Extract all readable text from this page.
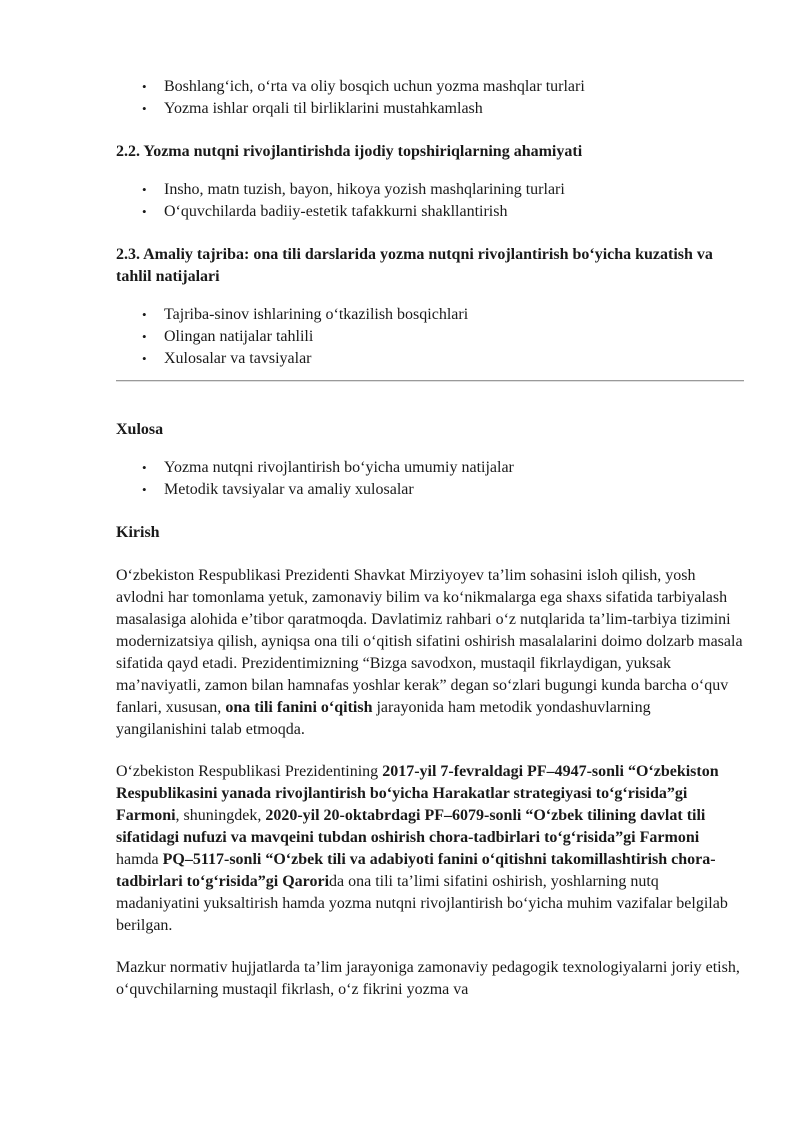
• Boshlang‘ich, o‘rta va oliy bosqich uchun yozma mashqlar turlari
• Yozma ishlar orqali til birliklarini mustahkamlash
2.2. Yozma nutqni rivojlantirishda ijodiy topshiriqlarning ahamiyati
• Insho, matn tuzish, bayon, hikoya yozish mashqlarining turlari
• O‘quvchilarda badiiy-estetik tafakkurni shakllantirish
2.3. Amaliy tajriba: ona tili darslarida yozma nutqni rivojlantirish bo‘yicha kuzatish va tahlil natijalari
• Tajriba-sinov ishlarining o‘tkazilish bosqichlari
• Olingan natijalar tahlili
• Xulosalar va tavsiyalar
Xulosa
• Yozma nutqni rivojlantirish bo‘yicha umumiy natijalar
• Metodik tavsiyalar va amaliy xulosalar
Kirish

O‘zbekiston Respublikasi Prezidenti Shavkat Mirziyoyev ta’lim sohasini isloh qilish, yosh avlodni har tomonlama yetuk, zamonaviy bilim va ko‘nikmalarga ega shaxs sifatida tarbiyalash masalasiga alohida e’tibor qaratmoqda. Davlatimiz rahbari o‘z nutqlarida ta’lim-tarbiya tizimini modernizatsiya qilish, ayniqsa ona tili o‘qitish sifatini oshirish masalalarini doimo dolzarb masala sifatida qayd etadi. Prezidentimizning “Bizga savodxon, mustaqil fikrlaydigan, yuksak ma’naviyatli, zamon bilan hamnafas yoshlar kerak” degan so‘zlari bugungi kunda barcha o‘quv fanlari, xususan, ona tili fanini o‘qitish jarayonida ham metodik yondashuvlarning yangilanishini talab etmoqda.

O‘zbekiston Respublikasi Prezidentining 2017-yil 7-fevraldagi PF–4947-sonli “O‘zbekiston Respublikasini yanada rivojlantirish bo‘yicha Harakatlar strategiyasi to‘g‘risida”gi Farmoni, shuningdek, 2020-yil 20-oktabrdagi PF–6079-sonli “O‘zbek tilining davlat tili sifatidagi nufuzi va mavqeini tubdan oshirish chora-tadbirlari to‘g‘risida”gi Farmoni hamda PQ–5117-sonli “O‘zbek tili va adabiyoti fanini o‘qitishni takomillashtirish chora-tadbirlari to‘g‘risida”gi Qarorida ona tili ta’limi sifatini oshirish, yoshlarning nutq madaniyatini yuksaltirish hamda yozma nutqni rivojlantirish bo‘yicha muhim vazifalar belgilab berilgan.

Mazkur normativ hujjatlarda ta’lim jarayoniga zamonaviy pedagogik texnologiyalarni joriy etish, o‘quvchilarning mustaqil fikrlash, o‘z fikrini yozma va
